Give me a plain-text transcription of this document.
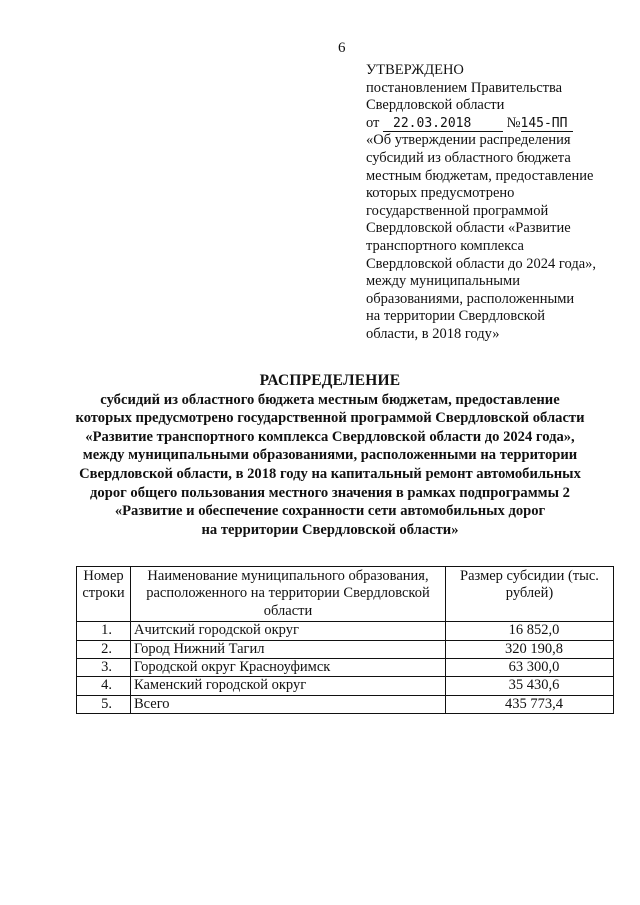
6
УТВЕРЖДЕНО
постановлением Правительства
Свердловской области
от 22.03.2018 №145-ПП
«Об утверждении распределения
субсидий из областного бюджета
местным бюджетам, предоставление
которых предусмотрено
государственной программой
Свердловской области «Развитие
транспортного комплекса
Свердловской области до 2024 года»,
между муниципальными
образованиями, расположенными
на территории Свердловской
области, в 2018 году»
РАСПРЕДЕЛЕНИЕ
субсидий из областного бюджета местным бюджетам, предоставление
которых предусмотрено государственной программой Свердловской области
«Развитие транспортного комплекса Свердловской области до 2024 года»,
между муниципальными образованиями, расположенными на территории
Свердловской области, в 2018 году на капитальный ремонт автомобильных
дорог общего пользования местного значения в рамках подпрограммы 2
«Развитие и обеспечение сохранности сети автомобильных дорог
на территории Свердловской области»
Номер строки	Наименование муниципального образования, расположенного на территории Свердловской области	Размер субсидии (тыс. рублей)
1.	Ачитский городской округ	16 852,0
2.	Город Нижний Тагил	320 190,8
3.	Городской округ Красноуфимск	63 300,0
4.	Каменский городской округ	35 430,6
5.	Всего	435 773,4
